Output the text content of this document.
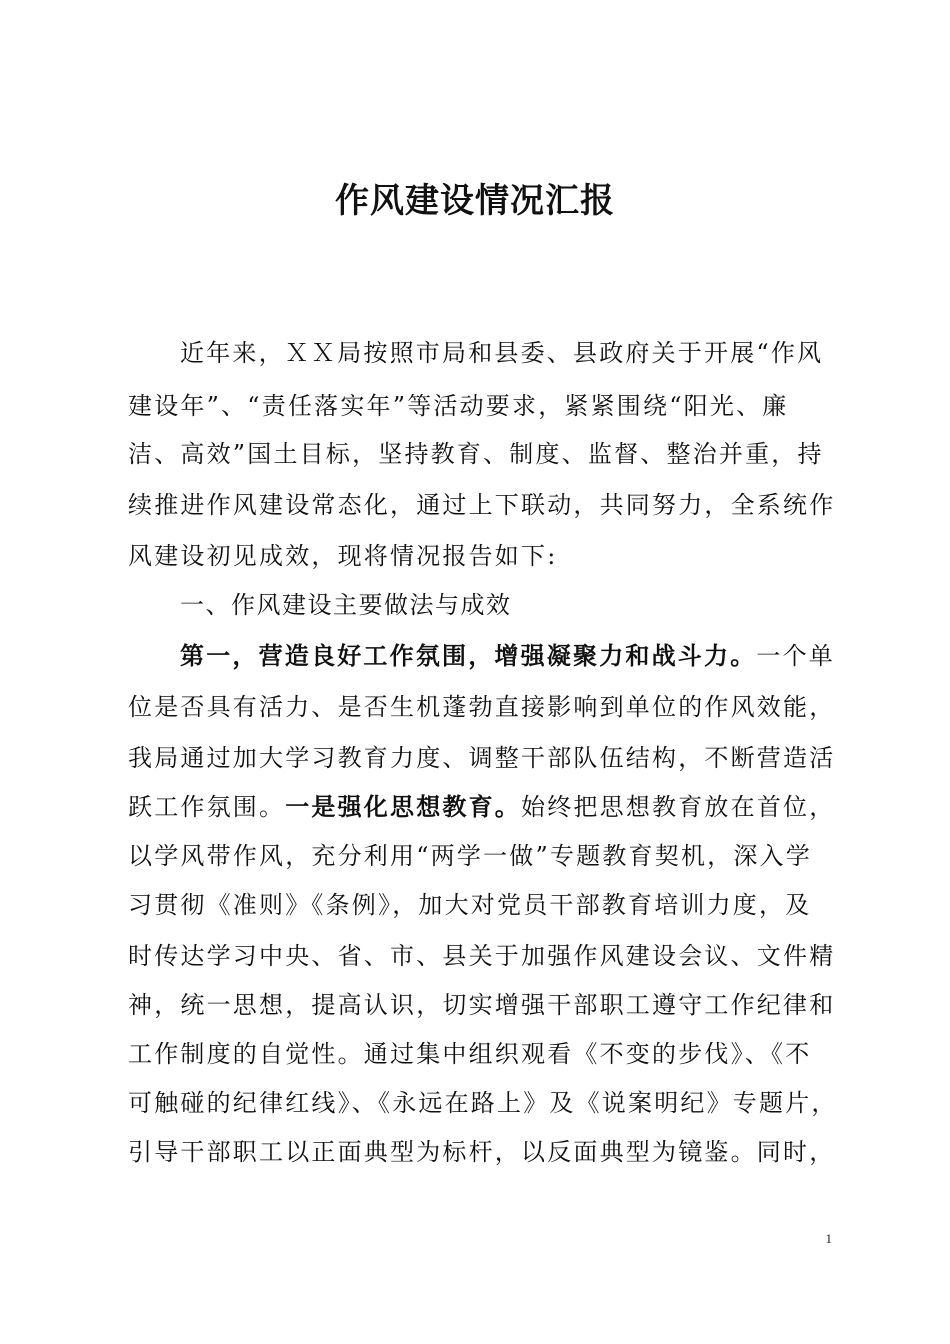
作风建设情况汇报
近年来，ＸＸ局按照市局和县委、县政府关于开展“作风
建设年”、“责任落实年”等活动要求，紧紧围绕“阳光、廉
洁、高效”国土目标，坚持教育、制度、监督、整治并重，持
续推进作风建设常态化，通过上下联动，共同努力，全系统作
风建设初见成效，现将情况报告如下:
一、作风建设主要做法与成效
第一，营造良好工作氛围，增强凝聚力和战斗力。一个单
位是否具有活力、是否生机蓬勃直接影响到单位的作风效能，
我局通过加大学习教育力度、调整干部队伍结构，不断营造活
跃工作氛围。一是强化思想教育。始终把思想教育放在首位，
以学风带作风，充分利用“两学一做”专题教育契机，深入学
习贯彻《准则》《条例》，加大对党员干部教育培训力度，及
时传达学习中央、省、市、县关于加强作风建设会议、文件精
神，统一思想，提高认识，切实增强干部职工遵守工作纪律和
工作制度的自觉性。通过集中组织观看《不变的步伐》、《不
可触碰的纪律红线》、《永远在路上》及《说案明纪》专题片，
引导干部职工以正面典型为标杆，以反面典型为镜鉴。同时，
1
